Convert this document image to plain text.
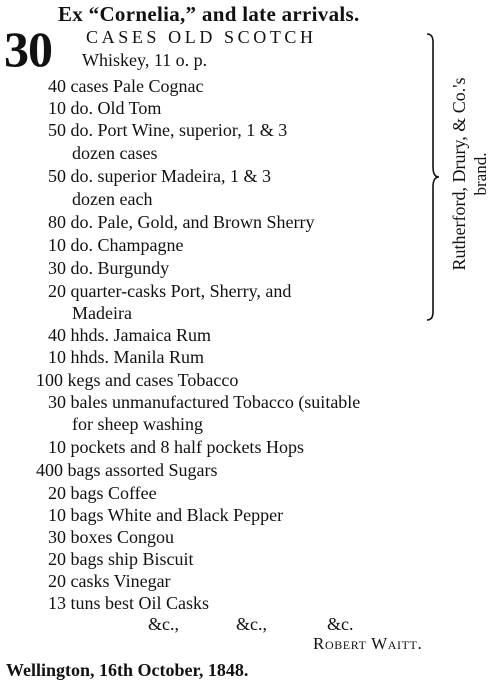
Ex “Cornelia,” and late arrivals.
30 CASES OLD SCOTCH
Whiskey, 11 o. p.
40 cases Pale Cognac
10 do. Old Tom
50 do. Port Wine, superior, 1 & 3
dozen cases
50 do. superior Madeira, 1 & 3
dozen each
80 do. Pale, Gold, and Brown Sherry
10 do. Champagne
30 do. Burgundy
20 quarter-casks Port, Sherry, and
Madeira
40 hhds. Jamaica Rum
10 hhds. Manila Rum
100 kegs and cases Tobacco
30 bales unmanufactured Tobacco (suitable
for sheep washing
10 pockets and 8 half pockets Hops
400 bags assorted Sugars
20 bags Coffee
10 bags White and Black Pepper
30 boxes Congou
20 bags ship Biscuit
20 casks Vinegar
13 tuns best Oil Casks
Rutherford, Drury, & Co.'s brand.
&c.,	&c.,	&c.
Robert Waitt.
Wellington, 16th October, 1848.
